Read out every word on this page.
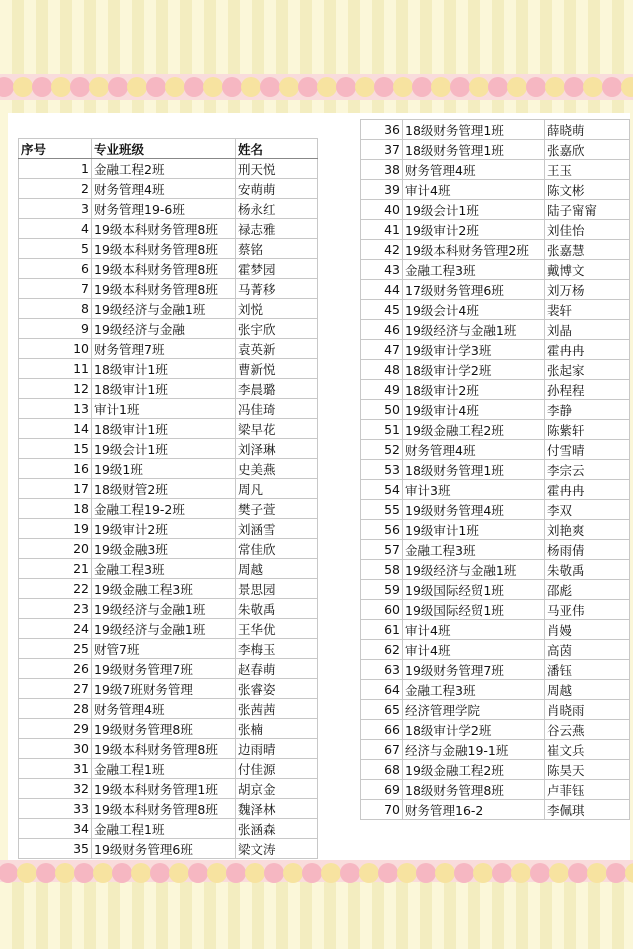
序号	专业班级	姓名
1	金融工程2班	刑天悦
2	财务管理4班	安萌萌
3	财务管理19-6班	杨永红
4	19级本科财务管理8班	禄志雅
5	19级本科财务管理8班	蔡铭
6	19级本科财务管理8班	霍梦园
7	19级本科财务管理8班	马菁移
8	19级经济与金融1班	刘悦
9	19级经济与金融	张宇欣
10	财务管理7班	袁英新
11	18级审计1班	曹新悦
12	18级审计1班	李晨璐
13	审计1班	冯佳琦
14	18级审计1班	梁早花
15	19级会计1班	刘泽琳
16	19级1班	史美燕
17	18级财管2班	周凡
18	金融工程19-2班	樊子萱
19	19级审计2班	刘涵雪
20	19级金融3班	常佳欣
21	金融工程3班	周越
22	19级金融工程3班	景思园
23	19级经济与金融1班	朱敬禹
24	19级经济与金融1班	王华优
25	财管7班	李梅玉
26	19级财务管理7班	赵春萌
27	19级7班财务管理	张睿姿
28	财务管理4班	张茜茜
29	19级财务管理8班	张楠
30	19级本科财务管理8班	边雨晴
31	金融工程1班	付佳源
32	19级本科财务管理1班	胡京金
33	19级本科财务管理8班	魏泽林
34	金融工程1班	张涵森
35	19级财务管理6班	梁文涛
36	18级财务管理1班	薛晓萌
37	18级财务管理1班	张嘉欣
38	财务管理4班	王玉
39	审计4班	陈文彬
40	19级会计1班	陆子甯甯
41	19级审计2班	刘佳怡
42	19级本科财务管理2班	张嘉慧
43	金融工程3班	戴博文
44	17级财务管理6班	刘万杨
45	19级会计4班	裴轩
46	19级经济与金融1班	刘晶
47	19级审计学3班	霍冉冉
48	18级审计学2班	张起家
49	18级审计2班	孙程程
50	19级审计4班	李静
51	19级金融工程2班	陈紫轩
52	财务管理4班	付雪晴
53	18级财务管理1班	李宗云
54	审计3班	霍冉冉
55	19级财务管理4班	李双
56	19级审计1班	刘艳爽
57	金融工程3班	杨雨倩
58	19级经济与金融1班	朱敬禹
59	19级国际经贸1班	邵彪
60	19级国际经贸1班	马亚伟
61	审计4班	肖嫚
62	审计4班	高茵
63	19级财务管理7班	潘钰
64	金融工程3班	周越
65	经济管理学院	肖晓雨
66	18级审计学2班	谷云燕
67	经济与金融19-1班	崔文兵
68	19级金融工程2班	陈昊天
69	18级财务管理8班	卢菲钰
70	财务管理16-2	李佩琪
